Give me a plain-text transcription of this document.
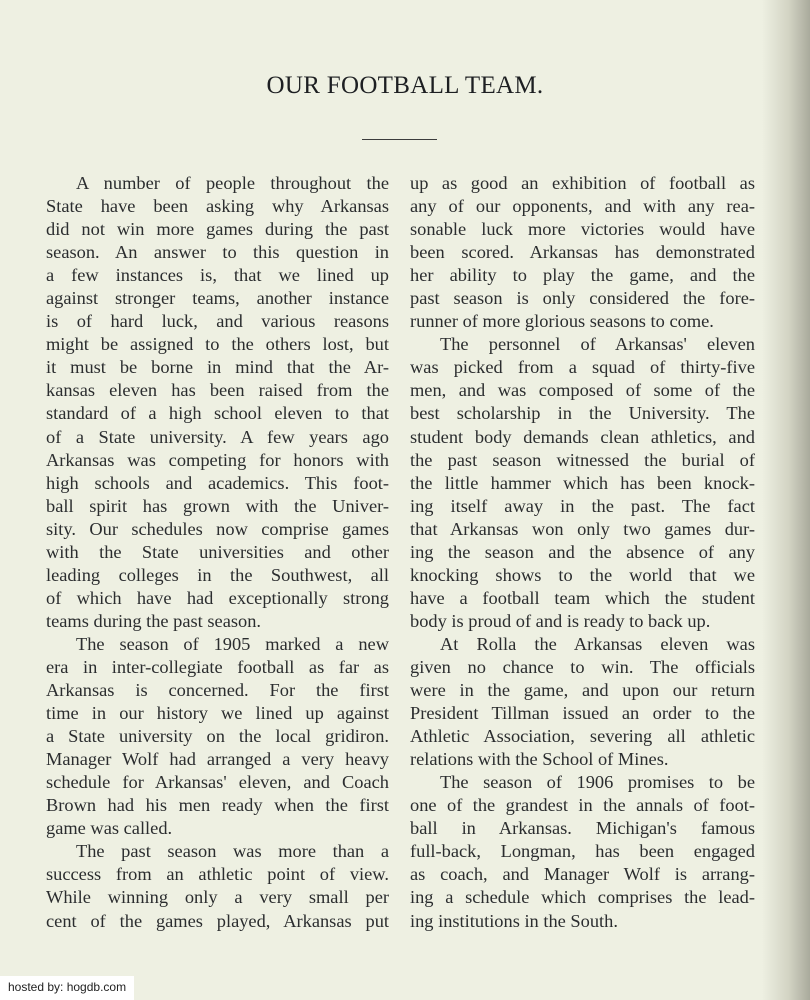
OUR FOOTBALL TEAM.
A number of people throughout the
State have been asking why Arkansas
did not win more games during the past
season. An answer to this question in
a few instances is, that we lined up
against stronger teams, another instance
is of hard luck, and various reasons
might be assigned to the others lost, but
it must be borne in mind that the Ar-
kansas eleven has been raised from the
standard of a high school eleven to that
of a State university. A few years ago
Arkansas was competing for honors with
high schools and academics. This foot-
ball spirit has grown with the Univer-
sity. Our schedules now comprise games
with the State universities and other
leading colleges in the Southwest, all
of which have had exceptionally strong
teams during the past season.
The season of 1905 marked a new
era in inter-collegiate football as far as
Arkansas is concerned. For the first
time in our history we lined up against
a State university on the local gridiron.
Manager Wolf had arranged a very heavy
schedule for Arkansas' eleven, and Coach
Brown had his men ready when the first
game was called.
The past season was more than a
success from an athletic point of view.
While winning only a very small per
cent of the games played, Arkansas put
up as good an exhibition of football as
any of our opponents, and with any rea-
sonable luck more victories would have
been scored. Arkansas has demonstrated
her ability to play the game, and the
past season is only considered the fore-
runner of more glorious seasons to come.
The personnel of Arkansas' eleven
was picked from a squad of thirty-five
men, and was composed of some of the
best scholarship in the University. The
student body demands clean athletics, and
the past season witnessed the burial of
the little hammer which has been knock-
ing itself away in the past. The fact
that Arkansas won only two games dur-
ing the season and the absence of any
knocking shows to the world that we
have a football team which the student
body is proud of and is ready to back up.
At Rolla the Arkansas eleven was
given no chance to win. The officials
were in the game, and upon our return
President Tillman issued an order to the
Athletic Association, severing all athletic
relations with the School of Mines.
The season of 1906 promises to be
one of the grandest in the annals of foot-
ball in Arkansas. Michigan's famous
full-back, Longman, has been engaged
as coach, and Manager Wolf is arrang-
ing a schedule which comprises the lead-
ing institutions in the South.
hosted by: hogdb.com
